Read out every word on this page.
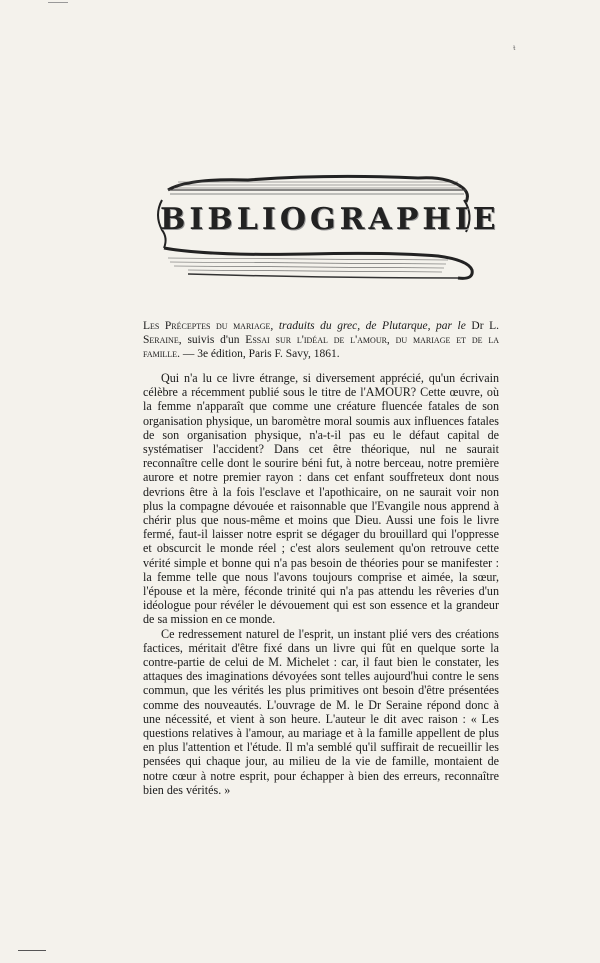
ᵼ
BIBLIOGRAPHIE
Les Préceptes du mariage, traduits du grec, de Plutarque, par le Dr L. Seraine, suivis d'un Essai sur l'idéal de l'amour, du mariage et de la famille. — 3e édition, Paris F. Savy, 1861.

Qui n'a lu ce livre étrange, si diversement apprécié, qu'un écrivain célèbre a récemment publié sous le titre de l'AMOUR? Cette œuvre, où la femme n'apparaît que comme une créature fluencée fatales de son organisation physique, un baromètre moral soumis aux influences fatales de son organisation physique, n'a-t-il pas eu le défaut capital de systématiser l'accident? Dans cet être théorique, nul ne saurait reconnaître celle dont le sourire béni fut, à notre berceau, notre première aurore et notre premier rayon : dans cet enfant souffreteux dont nous devrions être à la fois l'esclave et l'apothicaire, on ne saurait voir non plus la compagne dévouée et raisonnable que l'Evangile nous apprend à chérir plus que nous-même et moins que Dieu. Aussi une fois le livre fermé, faut-il laisser notre esprit se dégager du brouillard qui l'oppresse et obscurcit le monde réel ; c'est alors seulement qu'on retrouve cette vérité simple et bonne qui n'a pas besoin de théories pour se manifester : la femme telle que nous l'avons toujours comprise et aimée, la sœur, l'épouse et la mère, féconde trinité qui n'a pas attendu les rêveries d'un idéologue pour révéler le dévouement qui est son essence et la grandeur de sa mission en ce monde.

Ce redressement naturel de l'esprit, un instant plié vers des créations factices, méritait d'être fixé dans un livre qui fût en quelque sorte la contre-partie de celui de M. Michelet : car, il faut bien le constater, les attaques des imaginations dévoyées sont telles aujourd'hui contre le sens commun, que les vérités les plus primitives ont besoin d'être présentées comme des nouveautés. L'ouvrage de M. le Dr Seraine répond donc à une nécessité, et vient à son heure. L'auteur le dit avec raison : « Les questions relatives à l'amour, au mariage et à la famille appellent de plus en plus l'attention et l'étude. Il m'a semblé qu'il suffirait de recueillir les pensées qui chaque jour, au milieu de la vie de famille, montaient de notre cœur à notre esprit, pour échapper à bien des erreurs, reconnaître bien des vérités. »
